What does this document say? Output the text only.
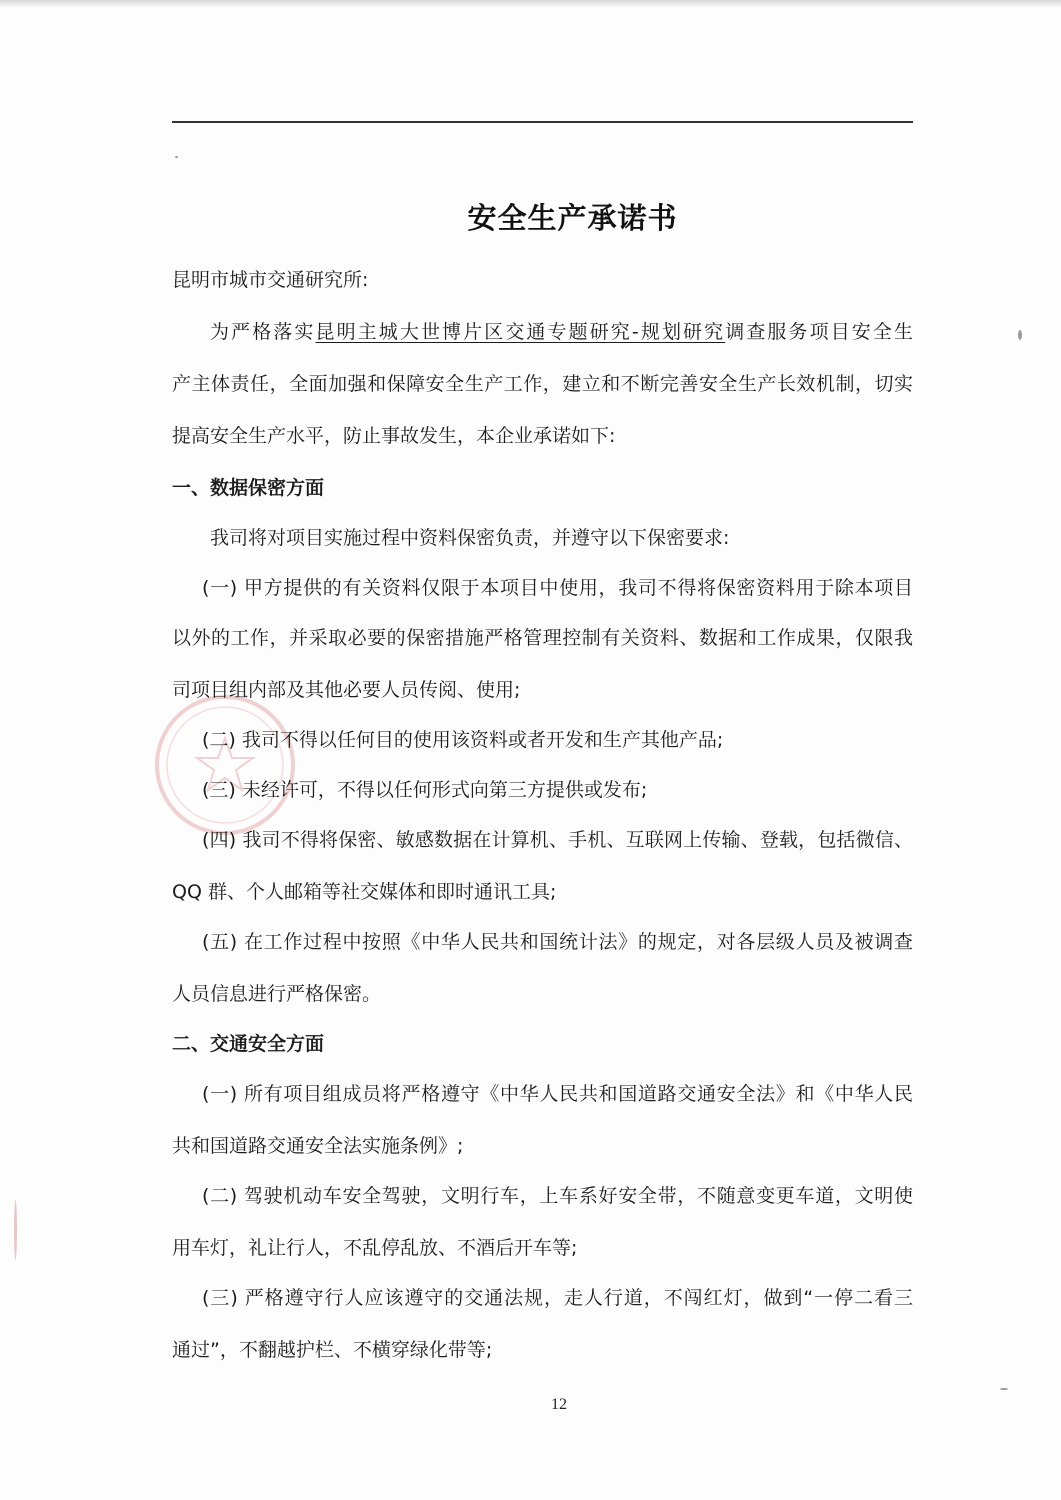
安全生产承诺书
昆明市城市交通研究所:
为严格落实昆明主城大世博片区交通专题研究-规划研究调查服务项目安全生
产主体责任，全面加强和保障安全生产工作，建立和不断完善安全生产长效机制，切实
提高安全生产水平，防止事故发生，本企业承诺如下:
一、数据保密方面
我司将对项目实施过程中资料保密负责，并遵守以下保密要求:
(一) 甲方提供的有关资料仅限于本项目中使用，我司不得将保密资料用于除本项目
以外的工作，并采取必要的保密措施严格管理控制有关资料、数据和工作成果，仅限我
司项目组内部及其他必要人员传阅、使用;
(二) 我司不得以任何目的使用该资料或者开发和生产其他产品;
(三) 未经许可，不得以任何形式向第三方提供或发布;
(四) 我司不得将保密、敏感数据在计算机、手机、互联网上传输、登载，包括微信、
QQ 群、个人邮箱等社交媒体和即时通讯工具;
(五) 在工作过程中按照《中华人民共和国统计法》的规定，对各层级人员及被调查
人员信息进行严格保密。
二、交通安全方面
(一) 所有项目组成员将严格遵守《中华人民共和国道路交通安全法》和《中华人民
共和国道路交通安全法实施条例》;
(二) 驾驶机动车安全驾驶，文明行车，上车系好安全带，不随意变更车道，文明使
用车灯，礼让行人，不乱停乱放、不酒后开车等;
(三) 严格遵守行人应该遵守的交通法规，走人行道，不闯红灯，做到“一停二看三
通过”，不翻越护栏、不横穿绿化带等;
12
